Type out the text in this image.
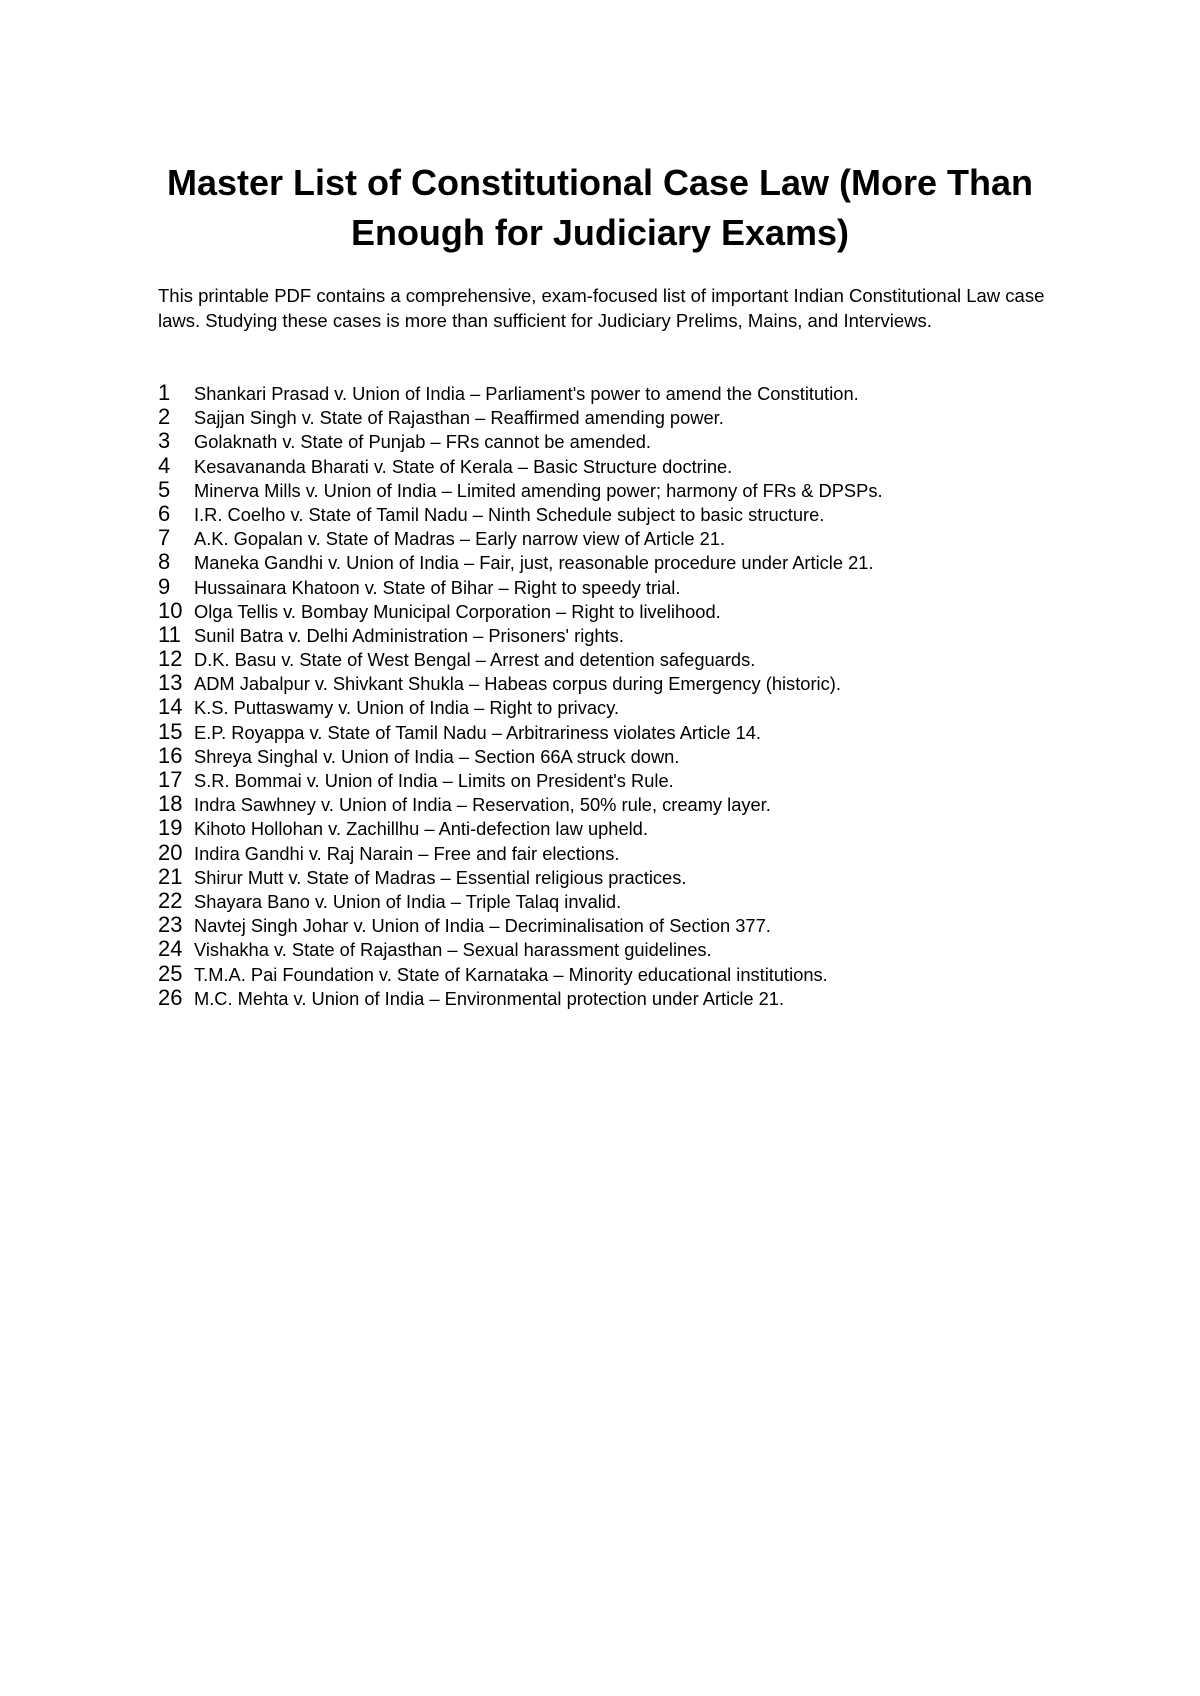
Master List of Constitutional Case Law (More Than Enough for Judiciary Exams)

This printable PDF contains a comprehensive, exam-focused list of important Indian Constitutional Law case laws. Studying these cases is more than sufficient for Judiciary Prelims, Mains, and Interviews.

1	Shankari Prasad v. Union of India – Parliament's power to amend the Constitution.
2	Sajjan Singh v. State of Rajasthan – Reaffirmed amending power.
3	Golaknath v. State of Punjab – FRs cannot be amended.
4	Kesavananda Bharati v. State of Kerala – Basic Structure doctrine.
5	Minerva Mills v. Union of India – Limited amending power; harmony of FRs & DPSPs.
6	I.R. Coelho v. State of Tamil Nadu – Ninth Schedule subject to basic structure.
7	A.K. Gopalan v. State of Madras – Early narrow view of Article 21.
8	Maneka Gandhi v. Union of India – Fair, just, reasonable procedure under Article 21.
9	Hussainara Khatoon v. State of Bihar – Right to speedy trial.
10 Olga Tellis v. Bombay Municipal Corporation – Right to livelihood.
11 Sunil Batra v. Delhi Administration – Prisoners' rights.
12 D.K. Basu v. State of West Bengal – Arrest and detention safeguards.
13 ADM Jabalpur v. Shivkant Shukla – Habeas corpus during Emergency (historic).
14 K.S. Puttaswamy v. Union of India – Right to privacy.
15 E.P. Royappa v. State of Tamil Nadu – Arbitrariness violates Article 14.
16 Shreya Singhal v. Union of India – Section 66A struck down.
17 S.R. Bommai v. Union of India – Limits on President's Rule.
18 Indra Sawhney v. Union of India – Reservation, 50% rule, creamy layer.
19 Kihoto Hollohan v. Zachillhu – Anti-defection law upheld.
20 Indira Gandhi v. Raj Narain – Free and fair elections.
21 Shirur Mutt v. State of Madras – Essential religious practices.
22 Shayara Bano v. Union of India – Triple Talaq invalid.
23 Navtej Singh Johar v. Union of India – Decriminalisation of Section 377.
24 Vishakha v. State of Rajasthan – Sexual harassment guidelines.
25 T.M.A. Pai Foundation v. State of Karnataka – Minority educational institutions.
26 M.C. Mehta v. Union of India – Environmental protection under Article 21.
